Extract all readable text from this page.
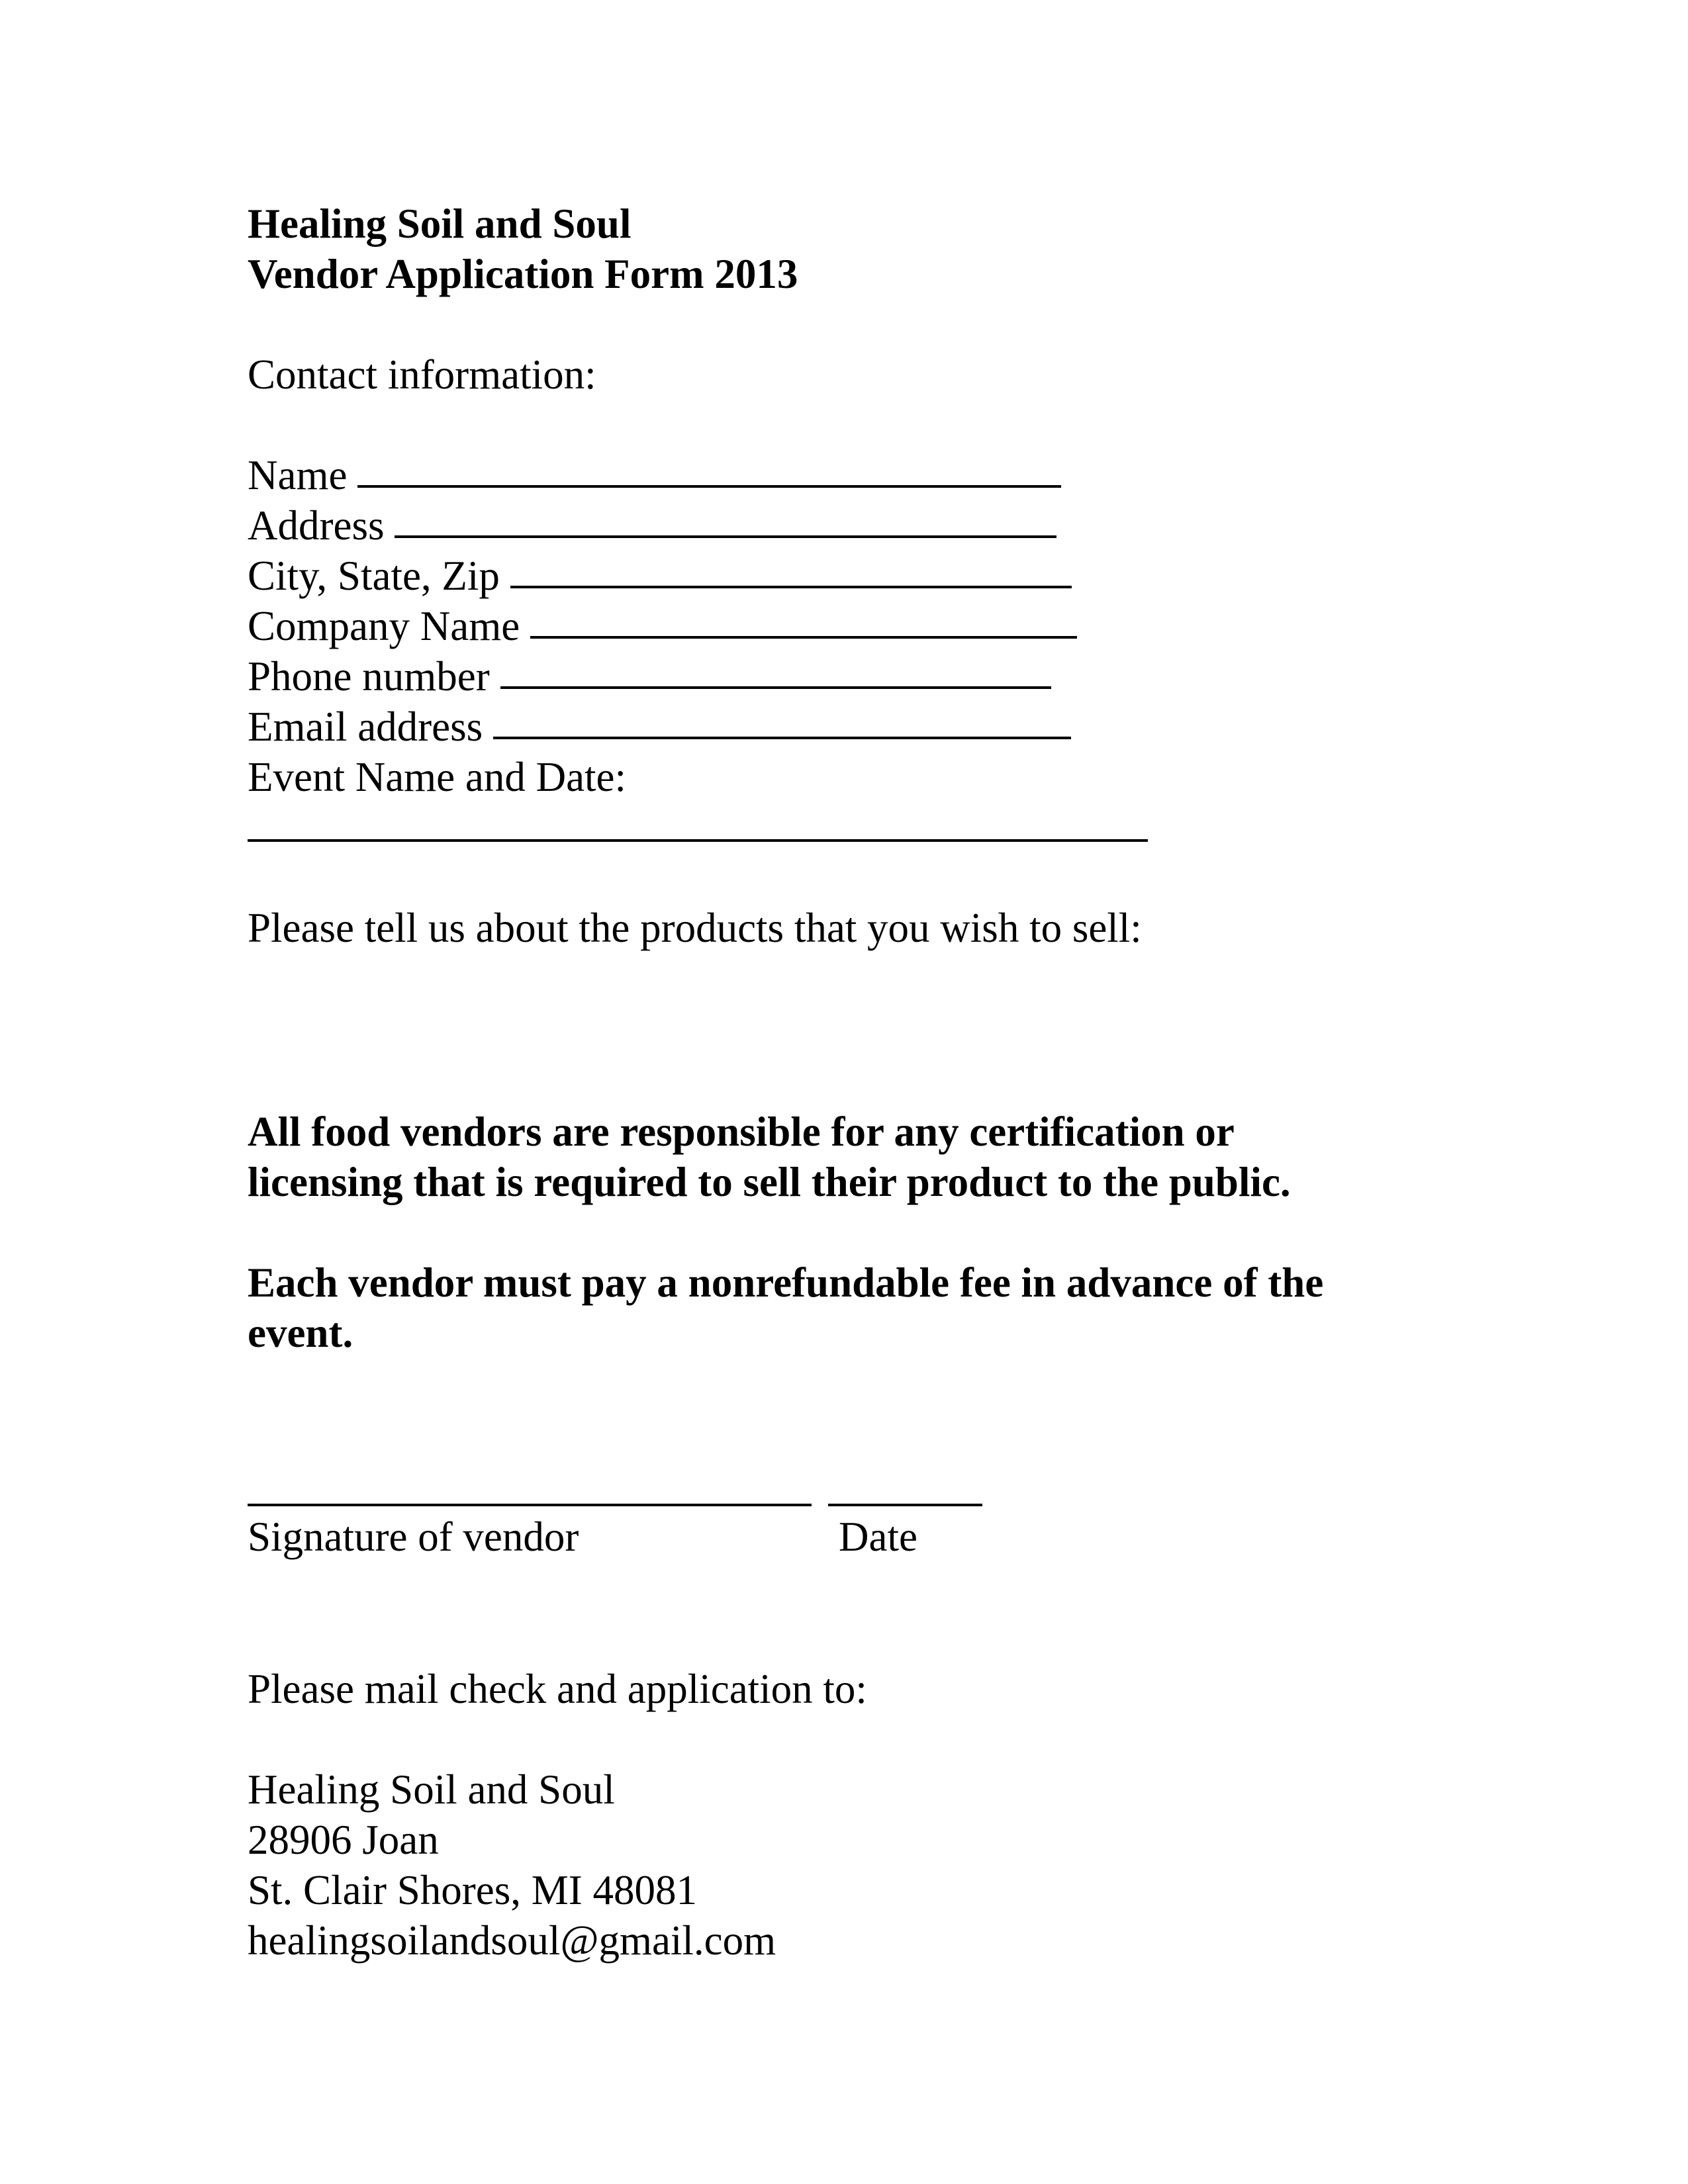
Healing Soil and Soul
Vendor Application Form 2013
Contact information:
Name
Address
City, State, Zip
Company Name
Phone number
Email address
Event Name and Date:
Please tell us about the products that you wish to sell:
All food vendors are responsible for any certification or
licensing that is required to sell their product to the public.
Each vendor must pay a nonrefundable fee in advance of the
event.
Signature of vendor	Date
Please mail check and application to:
Healing Soil and Soul
28906 Joan
St. Clair Shores, MI 48081
healingsoilandsoul@gmail.com
